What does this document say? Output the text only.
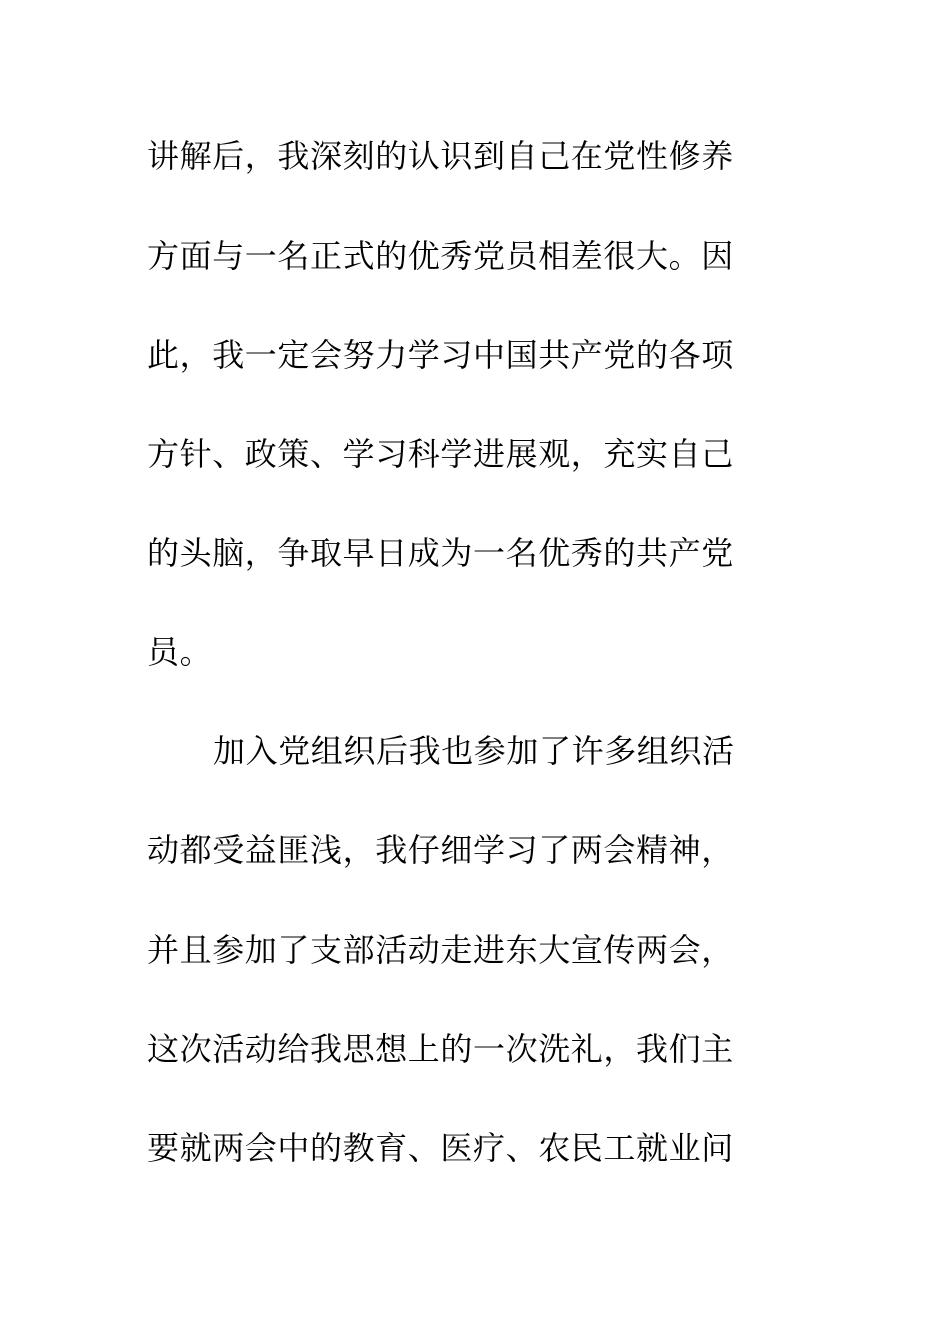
讲解后，我深刻的认识到自己在党性修养
方面与一名正式的优秀党员相差很大。因
此，我一定会努力学习中国共产党的各项
方针、政策、学习科学进展观，充实自己
的头脑，争取早日成为一名优秀的共产党
员。
加入党组织后我也参加了许多组织活
动都受益匪浅，我仔细学习了两会精神，
并且参加了支部活动走进东大宣传两会，
这次活动给我思想上的一次洗礼，我们主
要就两会中的教育、医疗、农民工就业问
